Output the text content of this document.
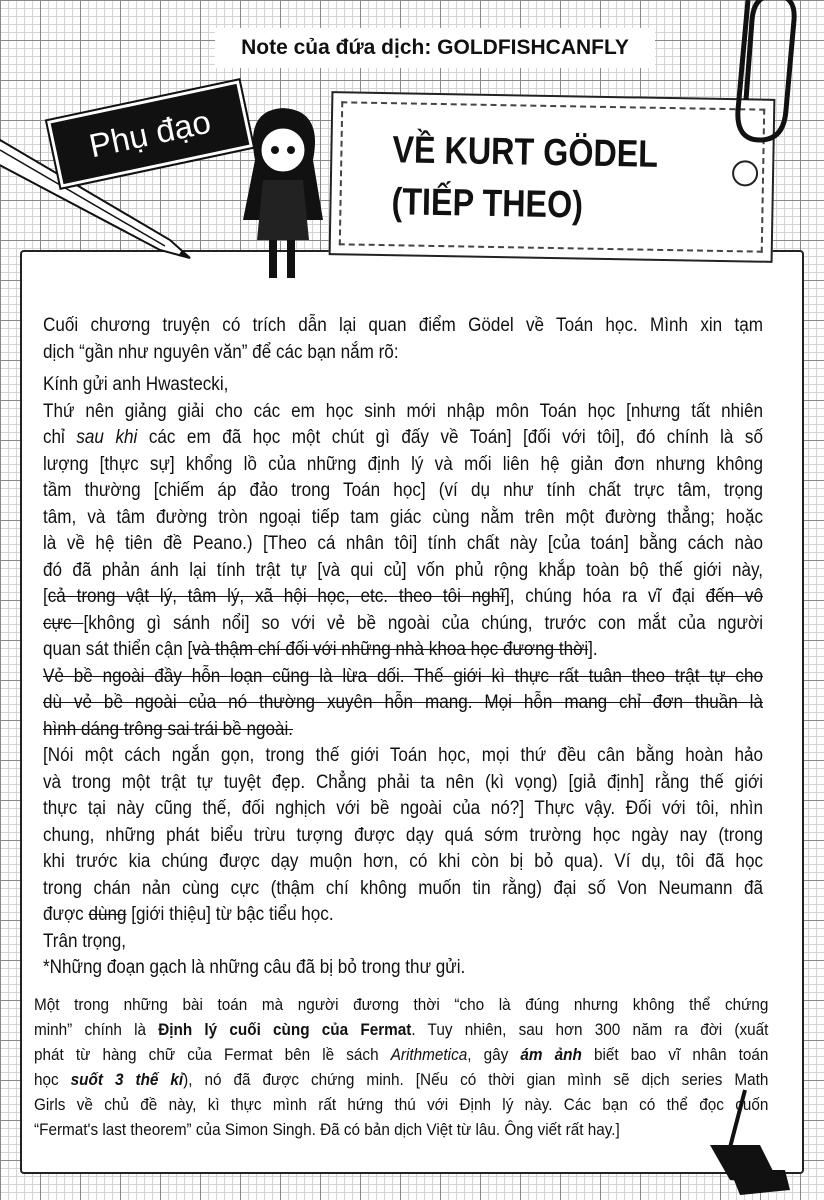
Note của đứa dịch: GOLDFISHCANFLY
Phụ đạo	VỀ KURT GÖDEL
(TIẾP THEO)
Cuối chương truyện có trích dẫn lại quan điểm Gödel về Toán học. Mình xin tạm
dịch “gần như nguyên văn” để các bạn nắm rõ:
Kính gửi anh Hwastecki,
Thứ nên giảng giải cho các em học sinh mới nhập môn Toán học [nhưng tất nhiên
chỉ sau khi các em đã học một chút gì đấy về Toán] [đối với tôi], đó chính là số
lượng [thực sự] khổng lồ của những định lý và mối liên hệ giản đơn nhưng không
tầm thường [chiếm áp đảo trong Toán học] (ví dụ như tính chất trực tâm, trọng
tâm, và tâm đường tròn ngoại tiếp tam giác cùng nằm trên một đường thẳng; hoặc
là về hệ tiên đề Peano.) [Theo cá nhân tôi] tính chất này [của toán] bằng cách nào
đó đã phản ánh lại tính trật tự [và qui củ] vốn phủ rộng khắp toàn bộ thế giới này,
[cả trong vật lý, tâm lý, xã hội học, etc. theo tôi nghĩ], chúng hóa ra vĩ đại đến vô
cực [không gì sánh nổi] so với vẻ bề ngoài của chúng, trước con mắt của người
quan sát thiển cận [và thậm chí đối với những nhà khoa học đương thời].
Vẻ bề ngoài đầy hỗn loạn cũng là lừa dối. Thế giới kì thực rất tuân theo trật tự cho
dù vẻ bề ngoài của nó thường xuyên hỗn mang. Mọi hỗn mang chỉ đơn thuần là
hình dáng trông sai trái bề ngoài.
[Nói một cách ngắn gọn, trong thế giới Toán học, mọi thứ đều cân bằng hoàn hảo
và trong một trật tự tuyệt đẹp. Chẳng phải ta nên (kì vọng) [giả định] rằng thế giới
thực tại này cũng thế, đối nghịch với bề ngoài của nó?] Thực vậy. Đối với tôi, nhìn
chung, những phát biểu trừu tượng được dạy quá sớm trường học ngày nay (trong
khi trước kia chúng được dạy muộn hơn, có khi còn bị bỏ qua). Ví dụ, tôi đã học
trong chán nản cùng cực (thậm chí không muốn tin rằng) đại số Von Neumann đã
được dùng [giới thiệu] từ bậc tiểu học.
Trân trọng,
*Những đoạn gạch là những câu đã bị bỏ trong thư gửi.
Một trong những bài toán mà người đương thời “cho là đúng nhưng không thể chứng
minh” chính là Định lý cuối cùng của Fermat. Tuy nhiên, sau hơn 300 năm ra đời (xuất
phát từ hàng chữ của Fermat bên lề sách Arithmetica, gây ám ảnh biết bao vĩ nhân toán
học suốt 3 thế kỉ), nó đã được chứng minh. [Nếu có thời gian mình sẽ dịch series Math
Girls về chủ đề này, kì thực mình rất hứng thú với Định lý này. Các bạn có thể đọc cuốn
“Fermat's last theorem” của Simon Singh. Đã có bản dịch Việt từ lâu. Ông viết rất hay.]
